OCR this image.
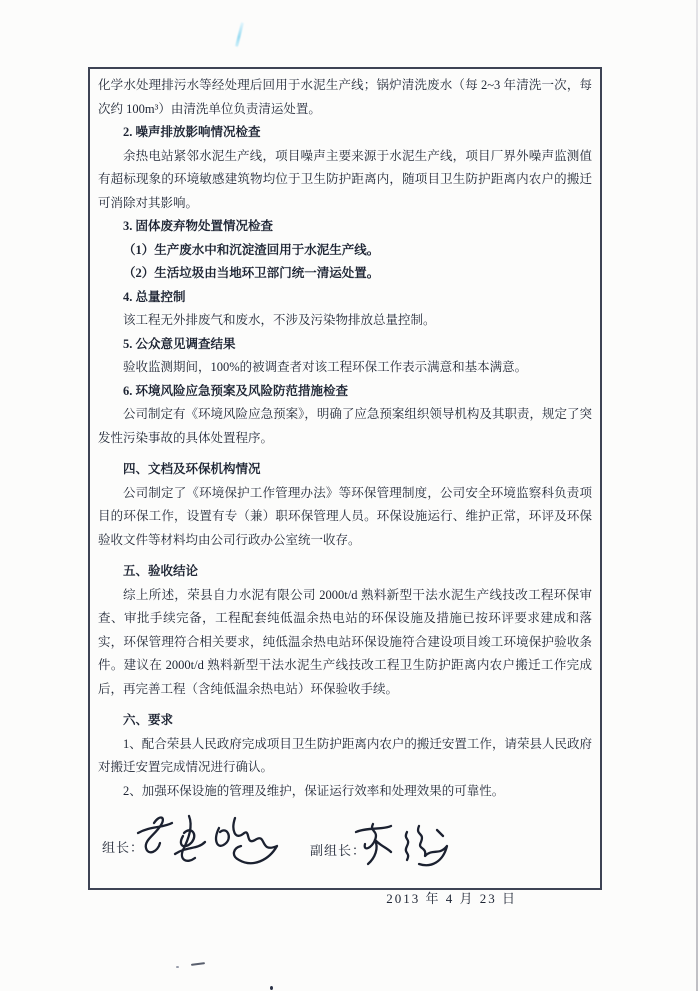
化学水处理排污水等经处理后回用于水泥生产线；锅炉清洗废水（每 2~3 年清洗一次，每次约 100m³）由清洗单位负责清运处置。
2. 噪声排放影响情况检查
余热电站紧邻水泥生产线，项目噪声主要来源于水泥生产线，项目厂界外噪声监测值有超标现象的环境敏感建筑物均位于卫生防护距离内，随项目卫生防护距离内农户的搬迁可消除对其影响。
3. 固体废弃物处置情况检查
（1）生产废水中和沉淀渣回用于水泥生产线。
（2）生活垃圾由当地环卫部门统一清运处置。
4. 总量控制
该工程无外排废气和废水，不涉及污染物排放总量控制。
5. 公众意见调查结果
验收监测期间，100%的被调查者对该工程环保工作表示满意和基本满意。
6. 环境风险应急预案及风险防范措施检查
公司制定有《环境风险应急预案》，明确了应急预案组织领导机构及其职责，规定了突发性污染事故的具体处置程序。
四、文档及环保机构情况
公司制定了《环境保护工作管理办法》等环保管理制度，公司安全环境监察科负责项目的环保工作，设置有专（兼）职环保管理人员。环保设施运行、维护正常，环评及环保验收文件等材料均由公司行政办公室统一收存。
五、验收结论
综上所述，荣县自力水泥有限公司 2000t/d 熟料新型干法水泥生产线技改工程环保审查、审批手续完备，工程配套纯低温余热电站的环保设施及措施已按环评要求建成和落实，环保管理符合相关要求，纯低温余热电站环保设施符合建设项目竣工环境保护验收条件。建议在 2000t/d 熟料新型干法水泥生产线技改工程卫生防护距离内农户搬迁工作完成后，再完善工程（含纯低温余热电站）环保验收手续。
六、要求
1、配合荣县人民政府完成项目卫生防护距离内农户的搬迁安置工作，请荣县人民政府对搬迁安置完成情况进行确认。
2、加强环保设施的管理及维护，保证运行效率和处理效果的可靠性。
组长：	副组长：
2013 年 4 月 23 日
